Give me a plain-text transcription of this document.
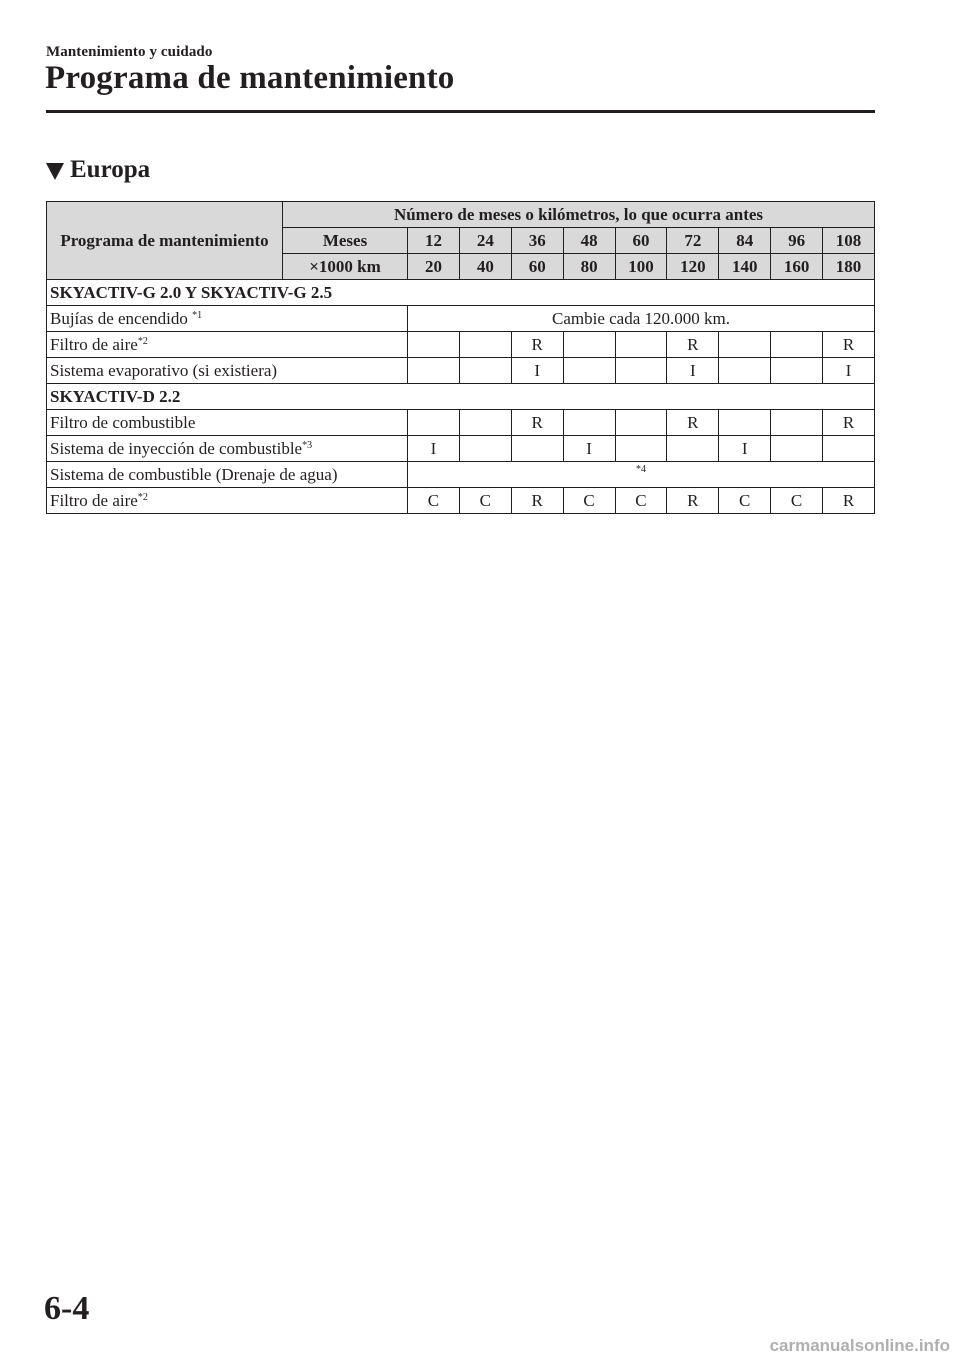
Mantenimiento y cuidado
Programa de mantenimiento
Europa
Programa de mantenimiento	Número de meses o kilómetros, lo que ocurra antes									
	Meses	12	24	36	48	60	72	84	96	108
	×1000 km	20	40	60	80	100	120	140	160	180
SKYACTIV-G 2.0 Y SKYACTIV-G 2.5										
Bujías de encendido $^{*1}$		Cambie cada 120.000 km.								
Filtro de aire$^{*2}$				R			R			R
Sistema evaporativo (si existiera)				I			I			I
SKYACTIV-D 2.2										
Filtro de combustible				R			R			R
Sistema de inyección de combustible$^{*3}$		I			I			I		
Sistema de combustible (Drenaje de agua)		$^{*4}$
Filtro de aire$^{*2}$		C	C	R	C	C	R	C	C	R
6-4
carmanualsonline.info
